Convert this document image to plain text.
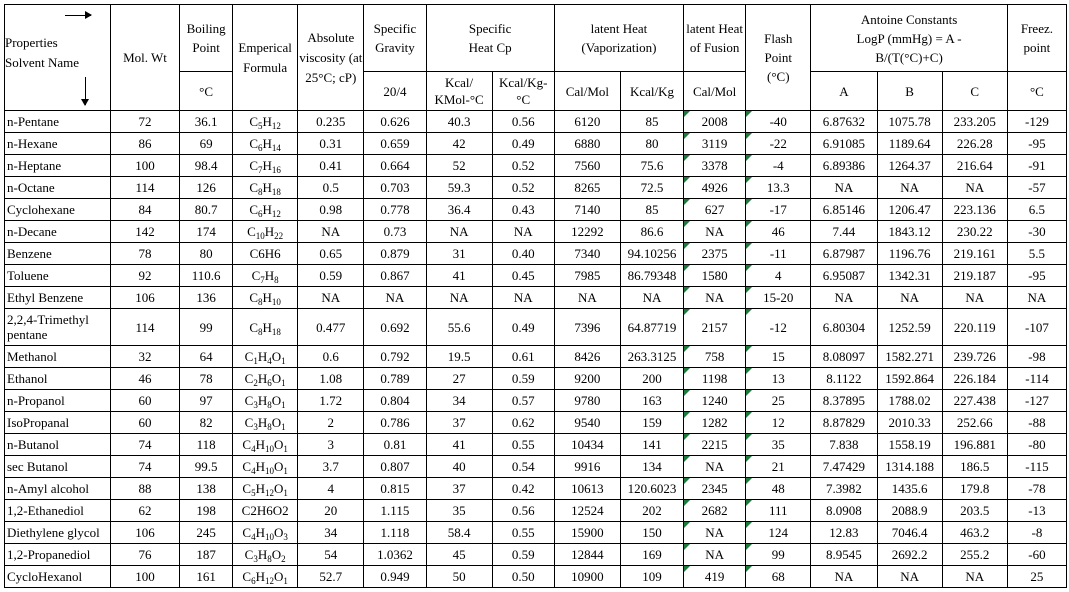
Properties
Solvent Name	Mol. Wt	Boiling Point	Emperical Formula	Absolute viscosity (at 25°C; cP)	Specific Gravity	Specific Heat Cp		latent Heat (Vaporization)		latent Heat of Fusion	Flash Point (°C)	Antoine Constants LogP (mmHg) = A - B/(T(°C)+C)			Freez. point
		°C			20/4	Kcal/ KMol-°C	Kcal/Kg-°C	Cal/Mol	Kcal/Kg	Cal/Mol		A	B	C	°C
n-Pentane	72	36.1	$C_5H_{12}$	0.235	0.626	40.3	0.56	6120	85	2008	-40	6.87632	1075.78	233.205	-129
n-Hexane	86	69	$C_6H_{14}$	0.31	0.659	42	0.49	6880	80	3119	-22	6.91085	1189.64	226.28	-95
n-Heptane	100	98.4	$C_7H_{16}$	0.41	0.664	52	0.52	7560	75.6	3378	-4	6.89386	1264.37	216.64	-91
n-Octane	114	126	$C_8H_{18}$	0.5	0.703	59.3	0.52	8265	72.5	4926	13.3	NA	NA	NA	-57
Cyclohexane	84	80.7	$C_6H_{12}$	0.98	0.778	36.4	0.43	7140	85	627	-17	6.85146	1206.47	223.136	6.5
n-Decane	142	174	$C_{10}H_{22}$	NA	0.73	NA	NA	12292	86.6	NA	46	7.44	1843.12	230.22	-30
Benzene	78	80	C6H6	0.65	0.879	31	0.40	7340	94.10256	2375	-11	6.87987	1196.76	219.161	5.5
Toluene	92	110.6	$C_7H_8$	0.59	0.867	41	0.45	7985	86.79348	1580	4	6.95087	1342.31	219.187	-95
Ethyl Benzene	106	136	$C_8H_{10}$	NA	NA	NA	NA	NA	NA	NA	15-20	NA	NA	NA	NA
2,2,4-Trimethyl pentane	114	99	$C_8H_{18}$	0.477	0.692	55.6	0.49	7396	64.87719	2157	-12	6.80304	1252.59	220.119	-107
Methanol	32	64	$C_1H_4O_1$	0.6	0.792	19.5	0.61	8426	263.3125	758	15	8.08097	1582.271	239.726	-98
Ethanol	46	78	$C_2H_6O_1$	1.08	0.789	27	0.59	9200	200	1198	13	8.1122	1592.864	226.184	-114
n-Propanol	60	97	$C_3H_8O_1$	1.72	0.804	34	0.57	9780	163	1240	25	8.37895	1788.02	227.438	-127
IsoPropanal	60	82	$C_3H_8O_1$	2	0.786	37	0.62	9540	159	1282	12	8.87829	2010.33	252.66	-88
n-Butanol	74	118	$C_4H_{10}O_1$	3	0.81	41	0.55	10434	141	2215	35	7.838	1558.19	196.881	-80
sec Butanol	74	99.5	$C_4H_{10}O_1$	3.7	0.807	40	0.54	9916	134	NA	21	7.47429	1314.188	186.5	-115
n-Amyl alcohol	88	138	$C_5H_{12}O_1$	4	0.815	37	0.42	10613	120.6023	2345	48	7.3982	1435.6	179.8	-78
1,2-Ethanediol	62	198	C2H6O2	20	1.115	35	0.56	12524	202	2682	111	8.0908	2088.9	203.5	-13
Diethylene glycol	106	245	$C_4H_{10}O_3$	34	1.118	58.4	0.55	15900	150	NA	124	12.83	7046.4	463.2	-8
1,2-Propanediol	76	187	$C_3H_8O_2$	54	1.0362	45	0.59	12844	169	NA	99	8.9545	2692.2	255.2	-60
CycloHexanol	100	161	$C_6H_{12}O_1$	52.7	0.949	50	0.50	10900	109	419	68	NA	NA	NA	25
